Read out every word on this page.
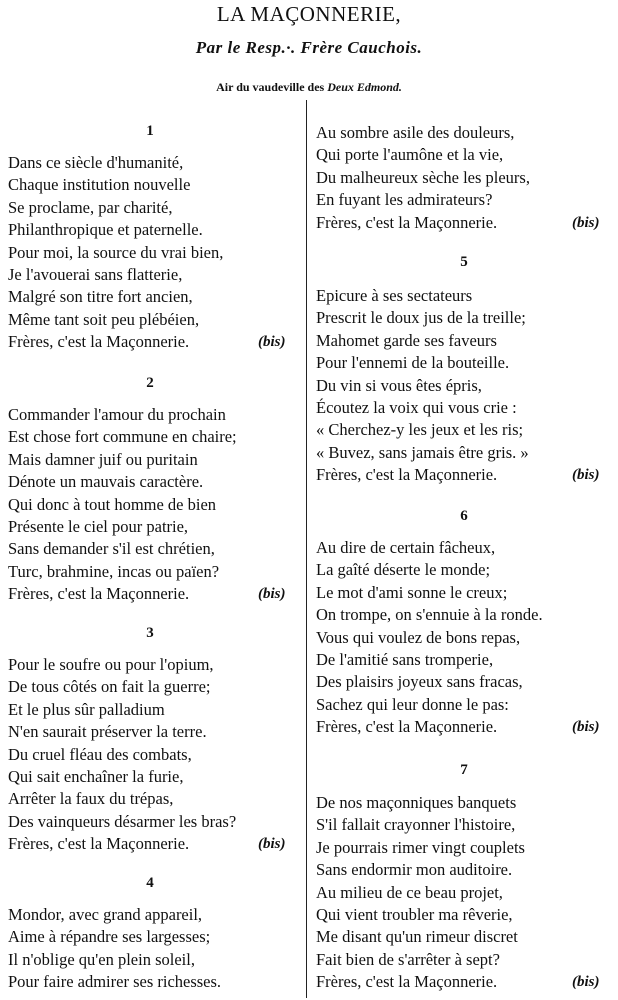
LA MAÇONNERIE,
Par le Resp.·. Frère Cauchois.
Air du vaudeville des Deux Edmond.
1
Dans ce siècle d'humanité,
Chaque institution nouvelle
Se proclame, par charité,
Philanthropique et paternelle.
Pour moi, la source du vrai bien,
Je l'avouerai sans flatterie,
Malgré son titre fort ancien,
Même tant soit peu plébéien,
Frères, c'est la Maçonnerie.	(bis)
2
Commander l'amour du prochain
Est chose fort commune en chaire;
Mais damner juif ou puritain
Dénote un mauvais caractère.
Qui donc à tout homme de bien
Présente le ciel pour patrie,
Sans demander s'il est chrétien,
Turc, brahmine, incas ou païen?
Frères, c'est la Maçonnerie.	(bis)
3
Pour le soufre ou pour l'opium,
De tous côtés on fait la guerre;
Et le plus sûr palladium
N'en saurait préserver la terre.
Du cruel fléau des combats,
Qui sait enchaîner la furie,
Arrêter la faux du trépas,
Des vainqueurs désarmer les bras?
Frères, c'est la Maçonnerie.	(bis)
4
Mondor, avec grand appareil,
Aime à répandre ses largesses;
Il n'oblige qu'en plein soleil,
Pour faire admirer ses richesses.
Au sombre asile des douleurs,
Qui porte l'aumône et la vie,
Du malheureux sèche les pleurs,
En fuyant les admirateurs?
Frères, c'est la Maçonnerie.	(bis)
5
Epicure à ses sectateurs
Prescrit le doux jus de la treille;
Mahomet garde ses faveurs
Pour l'ennemi de la bouteille.
Du vin si vous êtes épris,
Écoutez la voix qui vous crie :
« Cherchez-y les jeux et les ris;
« Buvez, sans jamais être gris. »
Frères, c'est la Maçonnerie.	(bis)
6
Au dire de certain fâcheux,
La gaîté déserte le monde;
Le mot d'ami sonne le creux;
On trompe, on s'ennuie à la ronde.
Vous qui voulez de bons repas,
De l'amitié sans tromperie,
Des plaisirs joyeux sans fracas,
Sachez qui leur donne le pas:
Frères, c'est la Maçonnerie.	(bis)
7
De nos maçonniques banquets
S'il fallait crayonner l'histoire,
Je pourrais rimer vingt couplets
Sans endormir mon auditoire.
Au milieu de ce beau projet,
Qui vient troubler ma rêverie,
Me disant qu'un rimeur discret
Fait bien de s'arrêter à sept?
Frères, c'est la Maçonnerie.	(bis)
